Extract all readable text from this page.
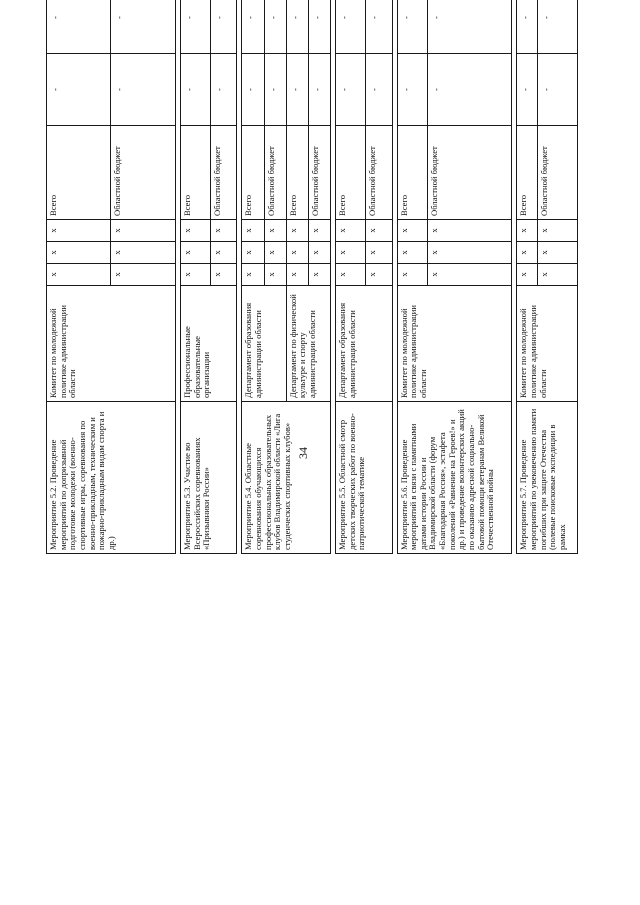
34
Мероприятие 5.2. Проведение мероприятий по допризывной подготовке молодежи (военно-спортивные игры, соревнования по военно-прикладным, техническим и пожарно-прикладным видам спорта и др.)	Комитет по молодежной политике администрации области	х	х	х	Всего	-	-				
		х	х	х	Областной бюджет	-	-				

Мероприятие 5.3. Участие во Всероссийских соревнованиях «Призывники России»	Профессиональные образовательные организации	х	х	х	Всего	-	-				
		х	х	х	Областной бюджет	-	-				

Мероприятие 5.4. Областные соревнования обучающихся профессиональных образовательных клубов Владимирской области «Лига студенческих спортивных клубов»	Департамент образования администрации области	х	х	х	Всего	-	-				
		х	х	х	Областной бюджет	-	-				
	Департамент по физической культуре и спорту администрации области	х	х	х	Всего	-	-				
		х	х	х	Областной бюджет	-	-				

Мероприятие 5.5. Областной смотр детских творческих работ по военно-патриотической тематике	Департамент образования администрации области	х	х	х	Всего	-	-				
		х	х	х	Областной бюджет	-	-				

Мероприятие 5.6. Проведение мероприятий в связи с памятными датами истории России и Владимирской области (форум «Благодарная Россия», эстафета поколений «Равнение на Героев!» и др.) и проведение волонтерских акций по оказанию адресной социально-бытовой помощи ветеранам Великой Отечественной войны	Комитет по молодежной политике администрации области	х	х	х	Всего	-	-				
		х	х	х	Областной бюджет	-	-				

Мероприятие 5.7. Проведение мероприятий по увековечению памяти погибших при защите Отечества (полевые поисковые экспедиции в рамках	Комитет по молодежной политике администрации области	х	х	х	Всего	-	-				
		х	х	х	Областной бюджет	-	-				
